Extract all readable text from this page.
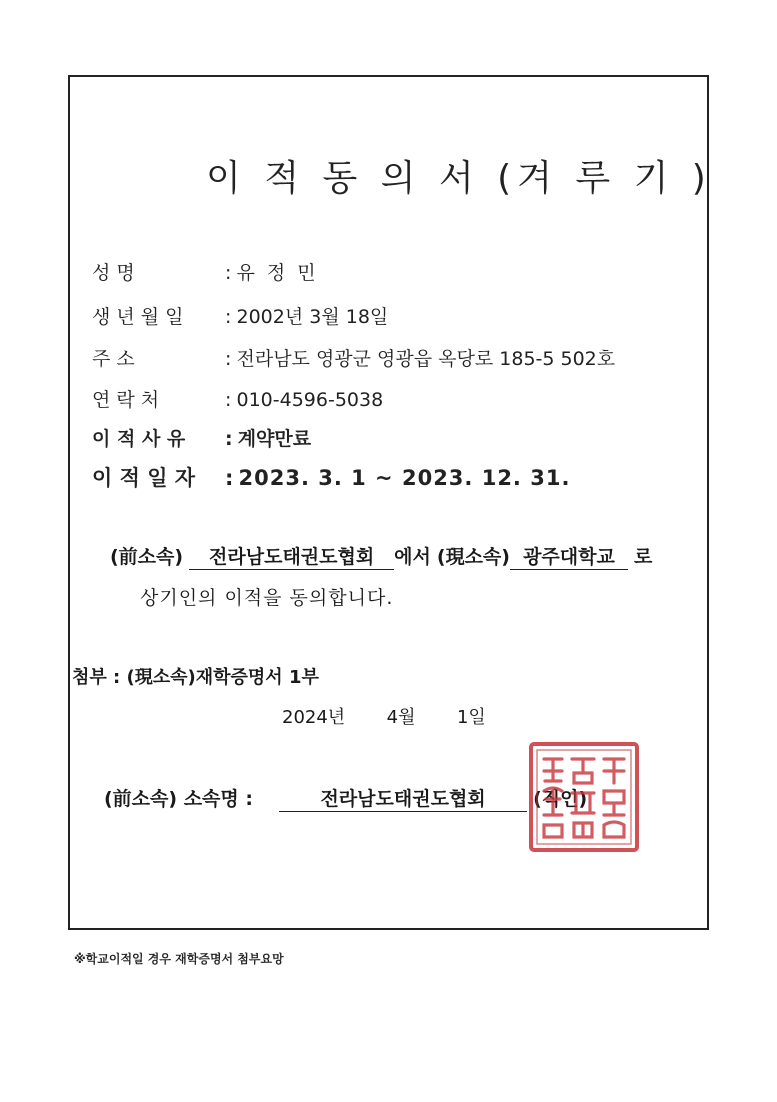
이 적 동 의 서 (겨 루 기 )
성 명	: 유 정 민
생 년 월 일 : 2002년 3월 18일
주 소	: 전라남도 영광군 영광읍 옥당로 185-5 502호
연 락 처	: 010-4596-5038
이 적 사 유 : 계약만료
이 적 일 자 : 2023. 3. 1 ~ 2023. 12. 31.
(前소속) 전라남도태권도협회 에서 (現소속) 광주대학교 로
상기인의 이적을 동의합니다.
첨부 : (現소속)재학증명서 1부
2024년 4월 1일
(前소속) 소속명 :	전라남도태권도협회 (직인)
※학교이적일 경우 재학증명서 첨부요망
